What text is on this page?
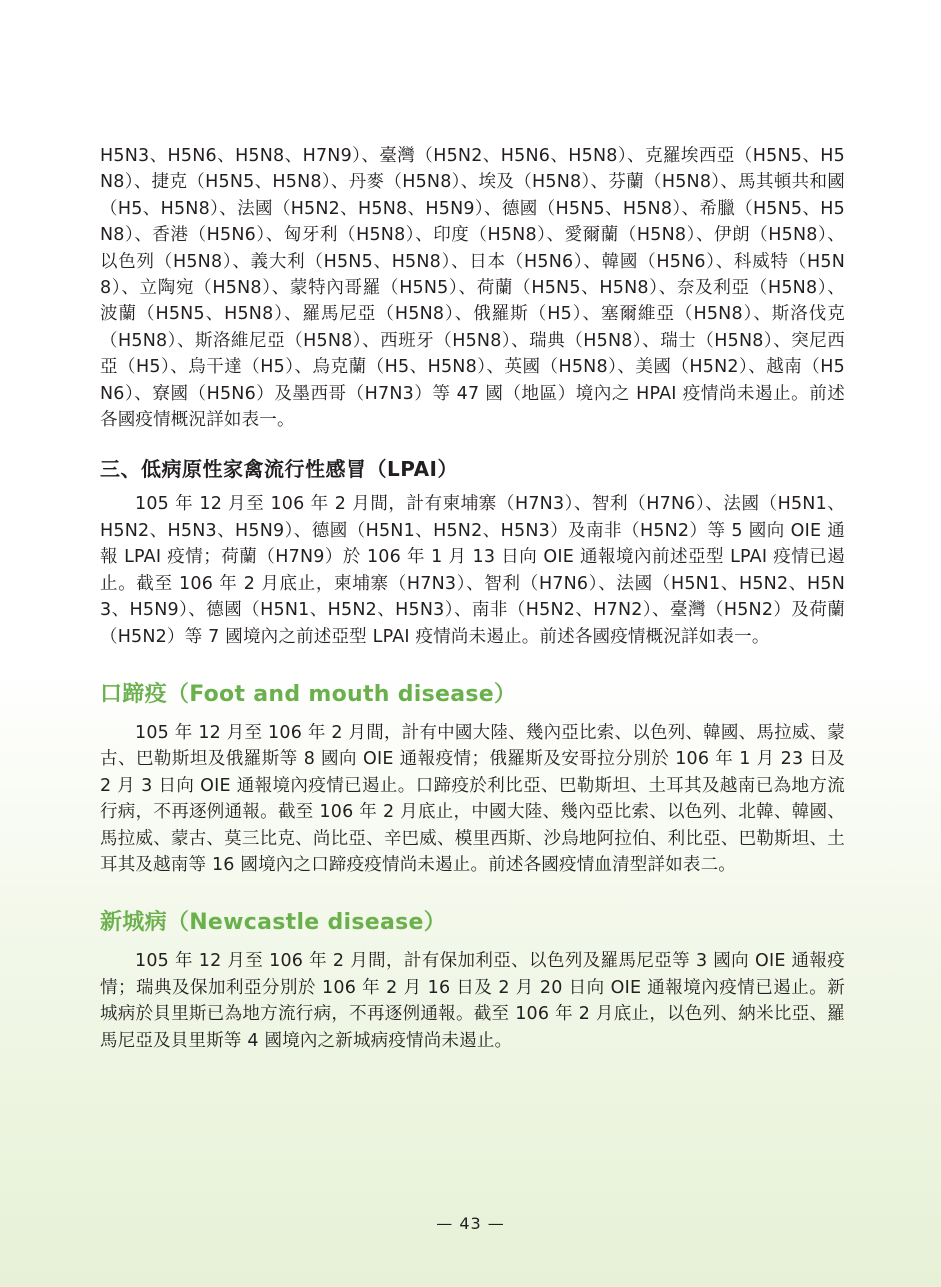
H5N3、H5N6、H5N8、H7N9）、臺灣（H5N2、H5N6、H5N8）、克羅埃西亞（H5N5、H5N8）、捷克（H5N5、H5N8）、丹麥（H5N8）、埃及（H5N8）、芬蘭（H5N8）、馬其頓共和國（H5、H5N8）、法國（H5N2、H5N8、H5N9）、德國（H5N5、H5N8）、希臘（H5N5、H5N8）、香港（H5N6）、匈牙利（H5N8）、印度（H5N8）、愛爾蘭（H5N8）、伊朗（H5N8）、以色列（H5N8）、義大利（H5N5、H5N8）、日本（H5N6）、韓國（H5N6）、科威特（H5N8）、立陶宛（H5N8）、蒙特內哥羅（H5N5）、荷蘭（H5N5、H5N8）、奈及利亞（H5N8）、波蘭（H5N5、H5N8）、羅馬尼亞（H5N8）、俄羅斯（H5）、塞爾維亞（H5N8）、斯洛伐克（H5N8）、斯洛維尼亞（H5N8）、西班牙（H5N8）、瑞典（H5N8）、瑞士（H5N8）、突尼西亞（H5）、烏干達（H5）、烏克蘭（H5、H5N8）、英國（H5N8）、美國（H5N2）、越南（H5N6）、寮國（H5N6）及墨西哥（H7N3）等 47 國（地區）境內之 HPAI 疫情尚未遏止。前述各國疫情概況詳如表一。

三、低病原性家禽流行性感冒（LPAI）

105 年 12 月至 106 年 2 月間，計有柬埔寨（H7N3）、智利（H7N6）、法國（H5N1、H5N2、H5N3、H5N9）、德國（H5N1、H5N2、H5N3）及南非（H5N2）等 5 國向 OIE 通報 LPAI 疫情；荷蘭（H7N9）於 106 年 1 月 13 日向 OIE 通報境內前述亞型 LPAI 疫情已遏止。截至 106 年 2 月底止，柬埔寨（H7N3）、智利（H7N6）、法國（H5N1、H5N2、H5N3、H5N9）、德國（H5N1、H5N2、H5N3）、南非（H5N2、H7N2）、臺灣（H5N2）及荷蘭（H5N2）等 7 國境內之前述亞型 LPAI 疫情尚未遏止。前述各國疫情概況詳如表一。

口蹄疫（Foot and mouth disease）

105 年 12 月至 106 年 2 月間，計有中國大陸、幾內亞比索、以色列、韓國、馬拉威、蒙古、巴勒斯坦及俄羅斯等 8 國向 OIE 通報疫情；俄羅斯及安哥拉分別於 106 年 1 月 23 日及 2 月 3 日向 OIE 通報境內疫情已遏止。口蹄疫於利比亞、巴勒斯坦、土耳其及越南已為地方流行病，不再逐例通報。截至 106 年 2 月底止，中國大陸、幾內亞比索、以色列、北韓、韓國、馬拉威、蒙古、莫三比克、尚比亞、辛巴威、模里西斯、沙烏地阿拉伯、利比亞、巴勒斯坦、土耳其及越南等 16 國境內之口蹄疫疫情尚未遏止。前述各國疫情血清型詳如表二。

新城病（Newcastle disease）

105 年 12 月至 106 年 2 月間，計有保加利亞、以色列及羅馬尼亞等 3 國向 OIE 通報疫情；瑞典及保加利亞分別於 106 年 2 月 16 日及 2 月 20 日向 OIE 通報境內疫情已遏止。新城病於貝里斯已為地方流行病，不再逐例通報。截至 106 年 2 月底止，以色列、納米比亞、羅馬尼亞及貝里斯等 4 國境內之新城病疫情尚未遏止。

— 43 —
